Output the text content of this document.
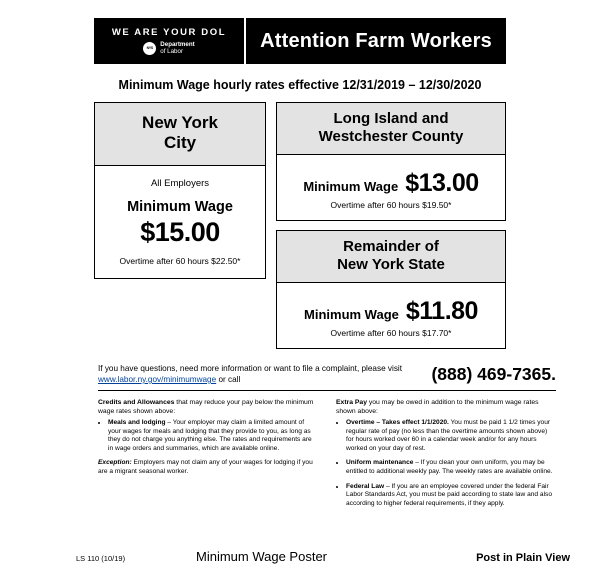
WE ARE YOUR DOL
NYS	Department
of Labor	Attention Farm Workers
Minimum Wage hourly rates effective 12/31/2019 – 12/30/2020
New York
City
All Employers
Minimum Wage
$15.00
Overtime after 60 hours $22.50*
Long Island and
Westchester County
Minimum Wage $13.00
Overtime after 60 hours $19.50*
Remainder of
New York State
Minimum Wage $11.80
Overtime after 60 hours $17.70*
If you have questions, need more information or want to file a complaint, please visit www.labor.ny.gov/minimumwage or call	(888) 469-7365.
Credits and Allowances that may reduce your pay below the minimum wage rates shown above:
• Meals and lodging – Your employer may claim a limited amount of your wages for meals and lodging that they provide to you, as long as they do not charge you anything else. The rates and requirements are in wage orders and summaries, which are available online.
Exception: Employers may not claim any of your wages for lodging if you are a migrant seasonal worker.
Extra Pay you may be owed in addition to the minimum wage rates shown above:
• Overtime – Takes effect 1/1/2020. You must be paid 1 1/2 times your regular rate of pay (no less than the overtime amounts shown above) for hours worked over 60 in a calendar week and/or for any hours worked on your day of rest.
• Uniform maintenance – If you clean your own uniform, you may be entitled to additional weekly pay. The weekly rates are available online.
• Federal Law – If you are an employee covered under the federal Fair Labor Standards Act, you must be paid according to state law and also according to higher federal requirements, if they apply.
LS 110 (10/19)	Minimum Wage Poster	Post in Plain View
